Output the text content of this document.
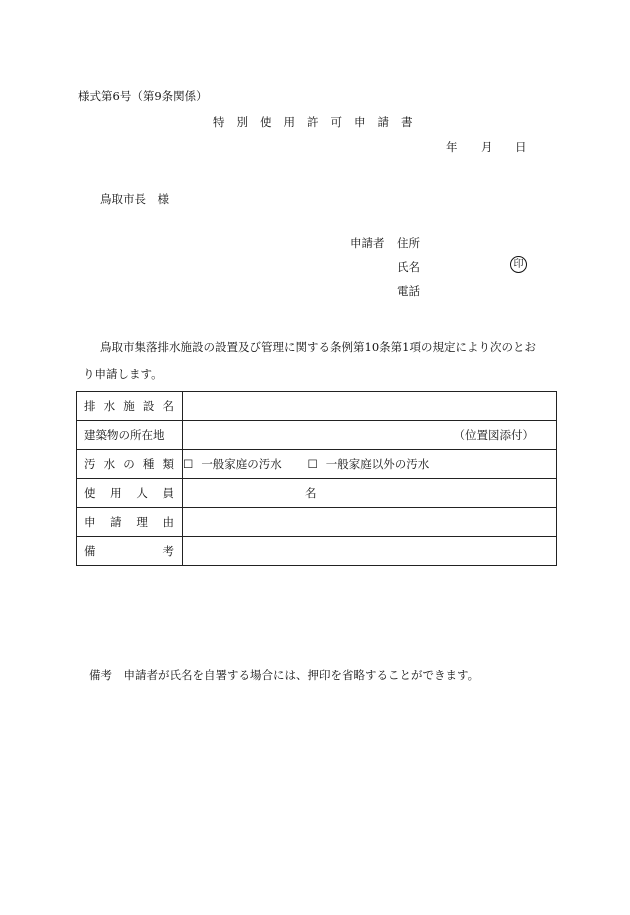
様式第6号（第9条関係）
特 別 使 用 許 可 申 請 書
年 月 日
鳥取市長　様
申請者 住所
氏名	印
電話
鳥取市集落排水施設の設置及び管理に関する条例第10条第1項の規定により次のとお
り申請します。
排 水 施 設 名	

建築物の所在地	（位置図添付）

汚 水 の 種 類	☐ 一般家庭の汚水 ☐ 一般家庭以外の汚水

使 用 人 員	名

申 請 理 由	

備 考	

備考　申請者が氏名を自署する場合には、押印を省略することができます。
